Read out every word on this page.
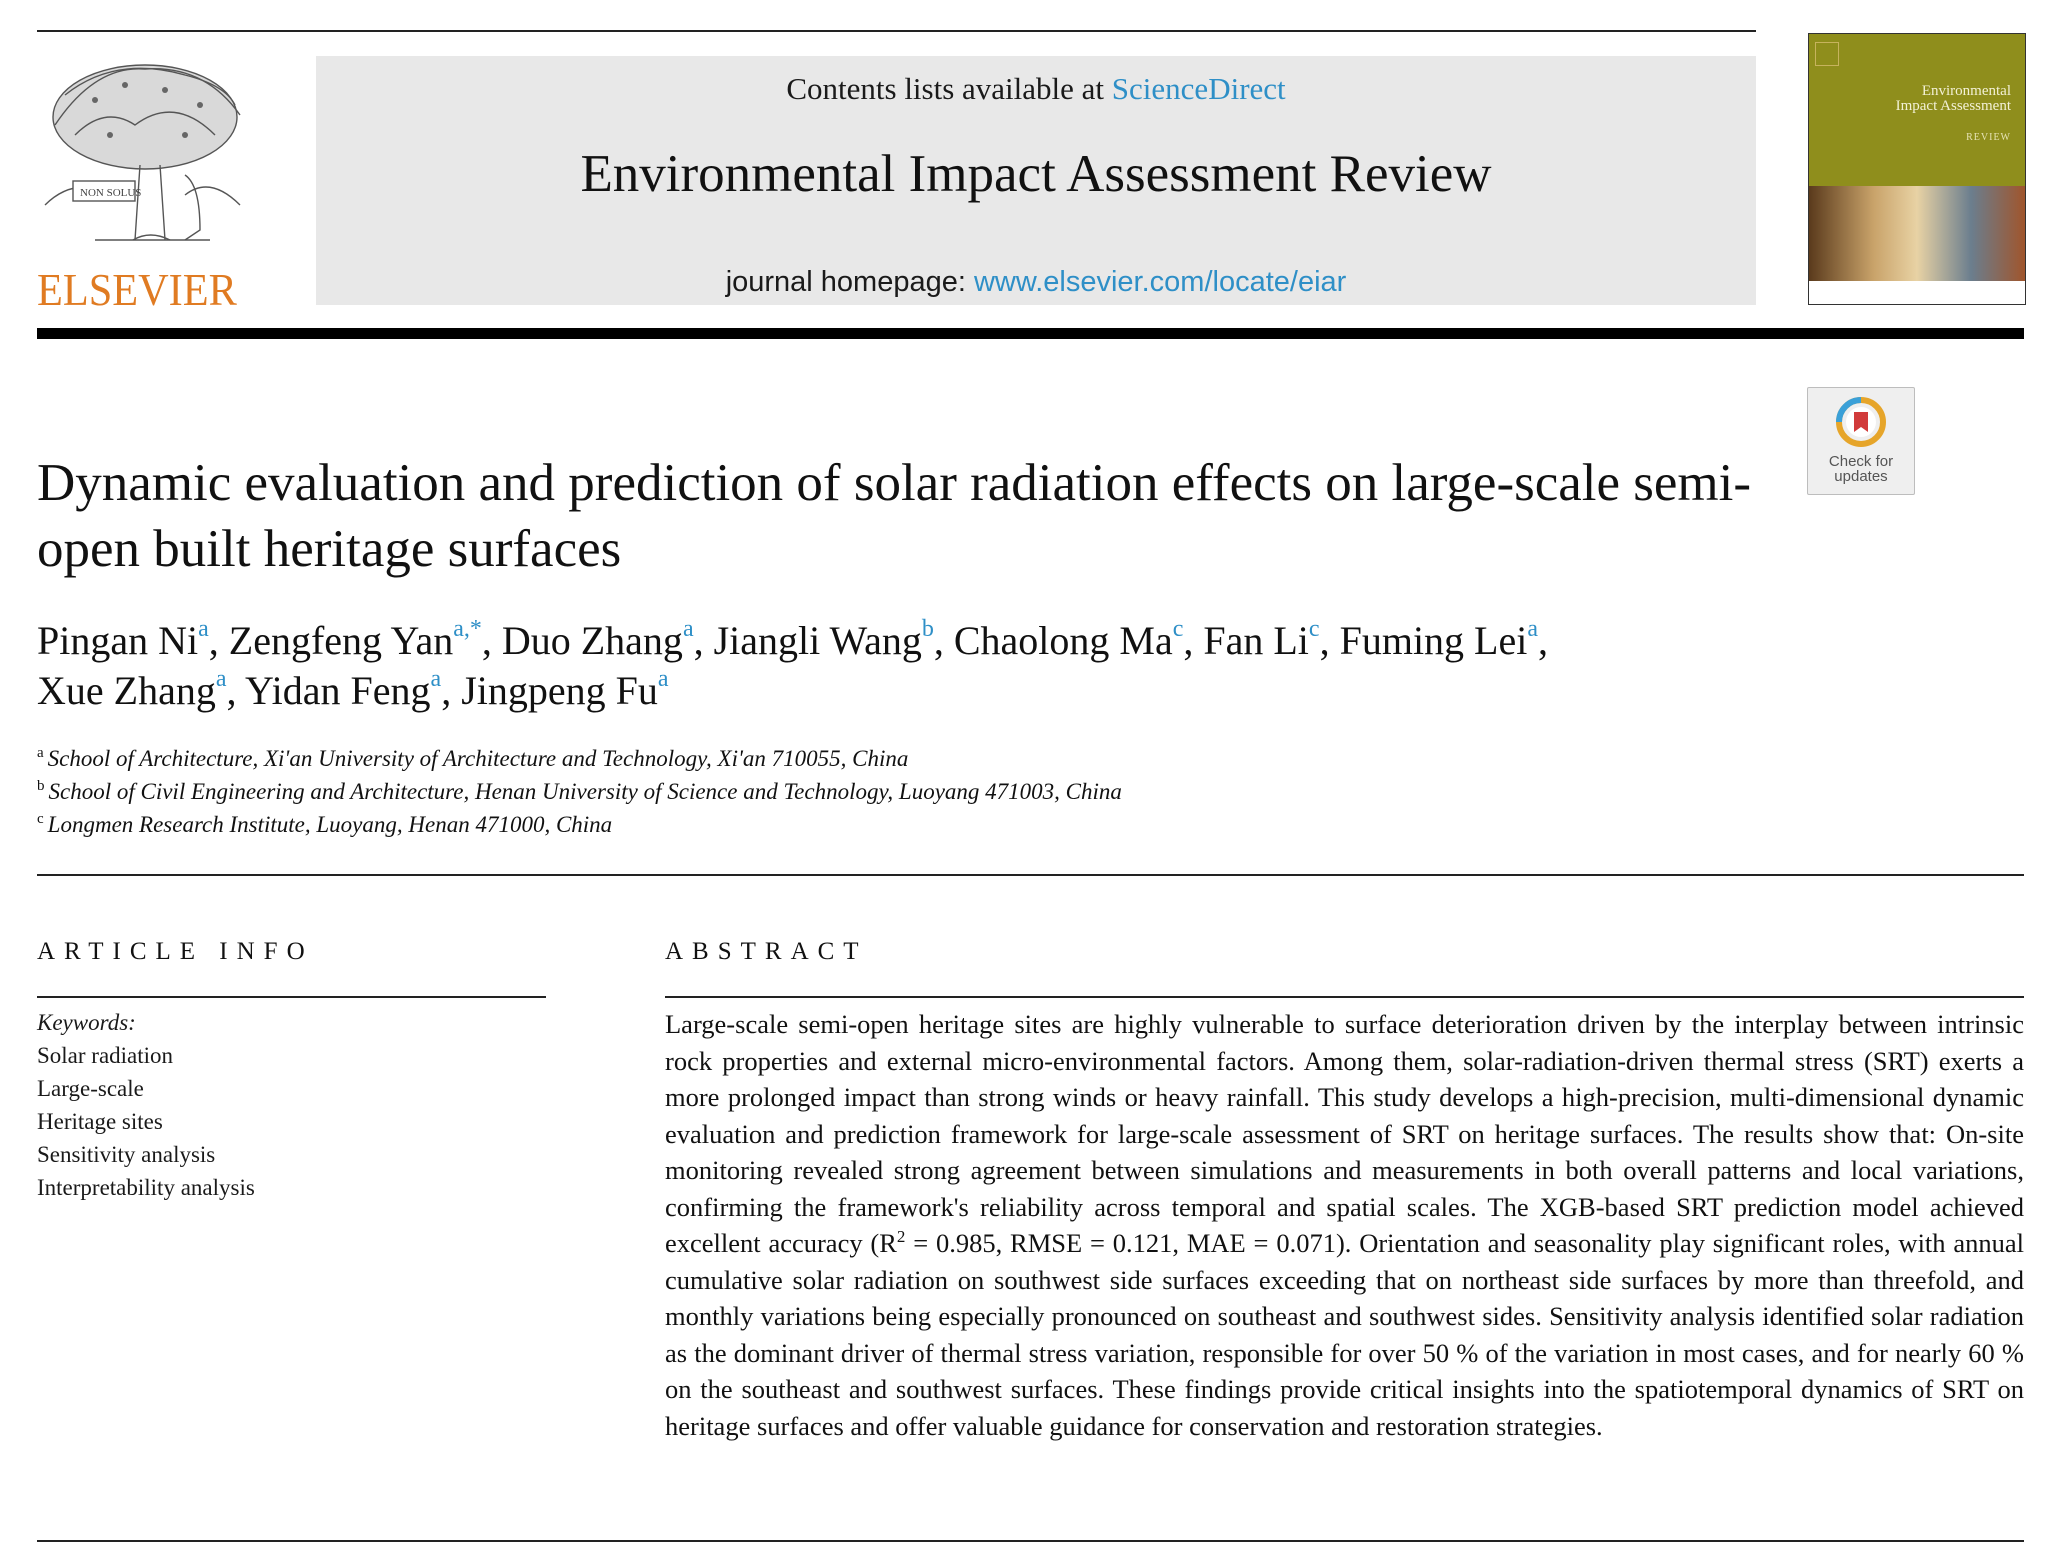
NON SOLUS
ELSEVIER
Contents lists available at ScienceDirect
Environmental Impact Assessment Review
journal homepage: www.elsevier.com/locate/eiar
Environmental Impact Assessment
REVIEW
Dynamic evaluation and prediction of solar radiation effects on large-scale semi-open built heritage surfaces
Check for
updates
Pingan Ni$^a$, Zengfeng Yan$^{a,*}$, Duo Zhang$^a$, Jiangli Wang$^b$, Chaolong Ma$^c$, Fan Li$^c$, Fuming Lei$^a$,
Xue Zhang$^a$, Yidan Feng$^a$, Jingpeng Fu$^a$
$^a$ School of Architecture, Xi'an University of Architecture and Technology, Xi'an 710055, China
$^b$ School of Civil Engineering and Architecture, Henan University of Science and Technology, Luoyang 471003, China
$^c$ Longmen Research Institute, Luoyang, Henan 471000, China
ARTICLE INFO	ABSTRACT
Keywords:
Solar radiation
Large-scale
Heritage sites
Sensitivity analysis
Interpretability analysis
Large-scale semi-open heritage sites are highly vulnerable to surface deterioration driven by the interplay between intrinsic rock properties and external micro-environmental factors. Among them, solar-radiation-driven thermal stress (SRT) exerts a more prolonged impact than strong winds or heavy rainfall. This study develops a high-precision, multi-dimensional dynamic evaluation and prediction framework for large-scale assessment of SRT on heritage surfaces. The results show that: On-site monitoring revealed strong agreement between simulations and measurements in both overall patterns and local variations, confirming the framework's reliability across temporal and spatial scales. The XGB-based SRT prediction model achieved excellent accuracy ($R^2 = 0.985$, RMSE = 0.121, MAE = 0.071). Orientation and seasonality play significant roles, with annual cumulative solar radiation on southwest side surfaces exceeding that on northeast side surfaces by more than threefold, and monthly variations being especially pronounced on southeast and southwest sides. Sensitivity analysis identified solar radiation as the dominant driver of thermal stress variation, responsible for over 50 % of the variation in most cases, and for nearly 60 % on the southeast and southwest surfaces. These findings provide critical insights into the spatiotemporal dynamics of SRT on heritage surfaces and offer valuable guidance for conservation and restoration strategies.
